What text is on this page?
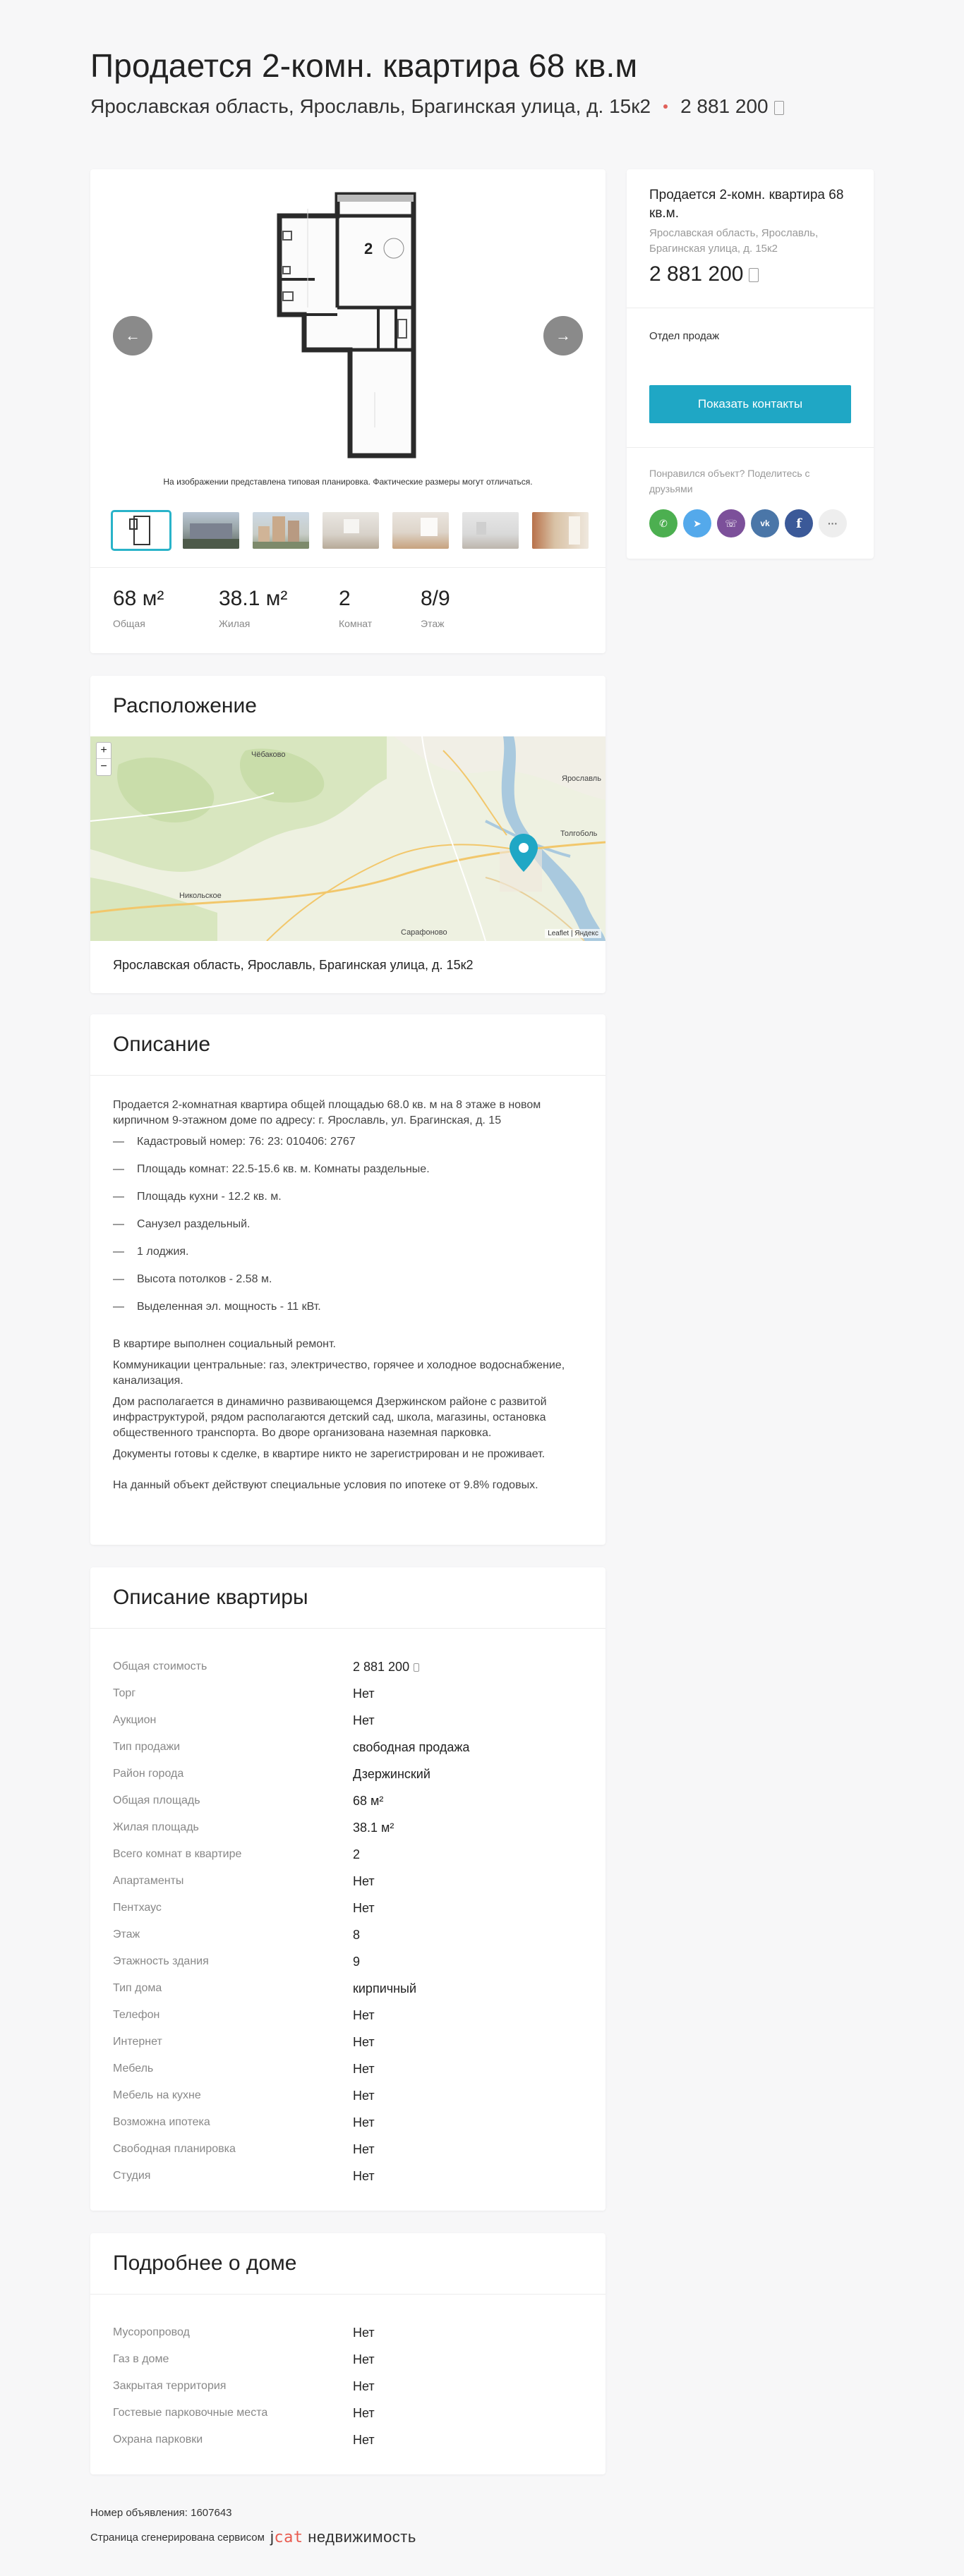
Продается 2-комн. квартира 68 кв.м
Ярославская область, Ярославль, Брагинская улица, д. 15к2 2 881 200
2
На изображении представлена типовая планировка. Фактические размеры могут отличаться.
←	→
68 м²
Общая
38.1 м²
Жилая
2
Комнат
8/9
Этаж
Продается 2-комн. квартира 68 кв.м.
Ярославская область, Ярославль, Брагинская улица, д. 15к2
2 881 200
Отдел продаж
Показать контакты
Понравился объект? Поделитесь с друзьями
✆	➤	☏	vk	f	···
Расположение
Чёбаково
Ярославль
Толгоболь
Никольское
Сарафоново
+
−
Leaflet | Яндекс
Ярославская область, Ярославль, Брагинская улица, д. 15к2
Описание

Продается 2-комнатная квартира общей площадью 68.0 кв. м на 8 этаже в новом кирпичном 9-этажном доме по адресу: г. Ярославль, ул. Брагинская, д. 15

— Кадастровый номер: 76: 23: 010406: 2767
— Площадь комнат: 22.5-15.6 кв. м. Комнаты раздельные.
— Площадь кухни - 12.2 кв. м.
— Санузел раздельный.
— 1 лоджия.
— Высота потолков - 2.58 м.
— Выделенная эл. мощность - 11 кВт.

В квартире выполнен социальный ремонт.

Коммуникации центральные: газ, электричество, горячее и холодное водоснабжение, канализация.

Дом располагается в динамично развивающемся Дзержинском районе с развитой инфраструктурой, рядом располагаются детский сад, школа, магазины, остановка общественного транспорта. Во дворе организована наземная парковка.

Документы готовы к сделке, в квартире никто не зарегистрирован и не проживает.

На данный объект действуют специальные условия по ипотеке от 9.8% годовых.

Описание квартиры
Общая стоимость	2 881 200
Торг	Нет
Аукцион	Нет
Тип продажи	свободная продажа
Район города	Дзержинский
Общая площадь	68 м²
Жилая площадь	38.1 м²
Всего комнат в квартире	2
Апартаменты	Нет
Пентхаус	Нет
Этаж	8
Этажность здания	9
Тип дома	кирпичный
Телефон	Нет
Интернет	Нет
Мебель	Нет
Мебель на кухне	Нет
Возможна ипотека	Нет
Свободная планировка	Нет
Студия	Нет
Подробнее о доме
Мусоропровод	Нет
Газ в доме	Нет
Закрытая территория	Нет
Гостевые парковочные места	Нет
Охрана парковки	Нет
Номер объявления: 1607643
Страница сгенерирована сервисом jcat недвижимость
